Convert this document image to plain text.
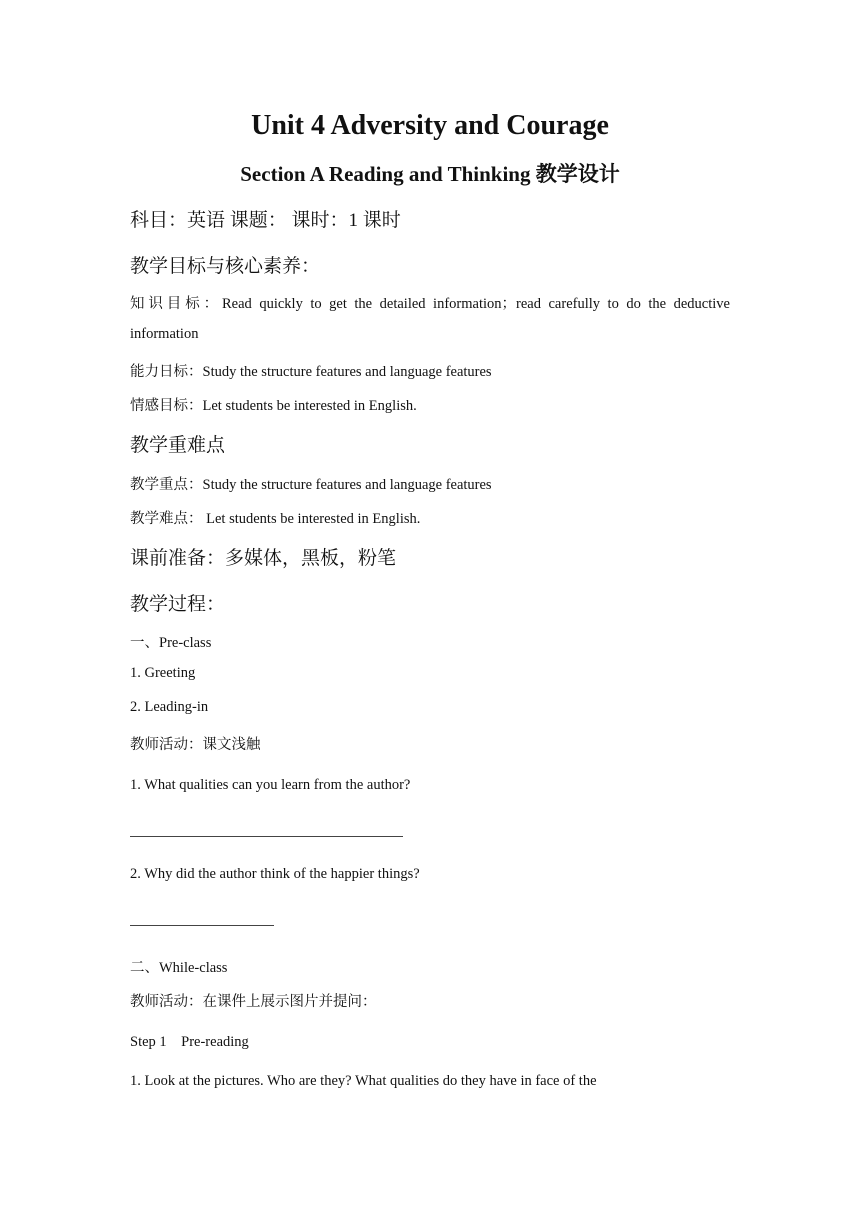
Unit 4 Adversity and Courage
Section A Reading and Thinking 教学设计
科目：英语 课题： 课时：1 课时
教学目标与核心素养：
知识目标：Read quickly to get the detailed information；read carefully to do the deductive
information
能力日标：Study the structure features and language features
情感目标：Let students be interested in English.
教学重难点
教学重点：Study the structure features and language features
教学难点： Let students be interested in English.
课前准备：多媒体，黑板，粉笔
教学过程：
一、Pre-class
1. Greeting
2. Leading-in
教师活动：课文浅触
1. What qualities can you learn from the author?
2. Why did the author think of the happier things?
二、While-class
教师活动：在课件上展示图片并提问：
Step 1    Pre-reading
1. Look at the pictures. Who are they? What qualities do they have in face of the
